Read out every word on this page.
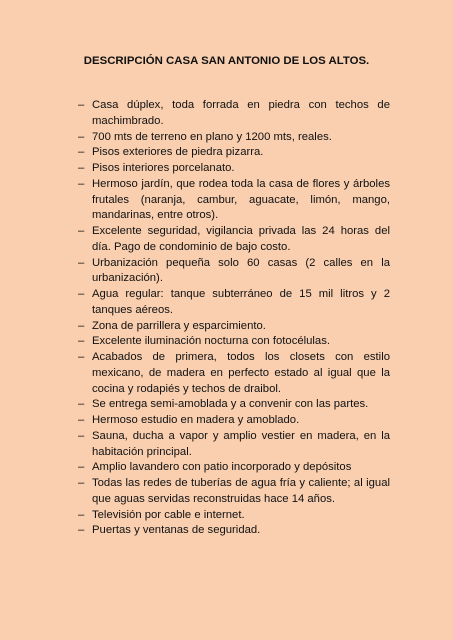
DESCRIPCIÓN CASA SAN ANTONIO DE LOS ALTOS.
– Casa dúplex, toda forrada en piedra con techos de machimbrado.
– 700 mts de terreno en plano y 1200 mts, reales.
– Pisos exteriores de piedra pizarra.
– Pisos interiores porcelanato.
– Hermoso jardín, que rodea toda la casa de flores y árboles frutales (naranja, cambur, aguacate, limón, mango, mandarinas, entre otros).
– Excelente seguridad, vigilancia privada las 24 horas del día. Pago de condominio de bajo costo.
– Urbanización pequeña solo 60 casas (2 calles en la urbanización).
– Agua regular: tanque subterráneo de 15 mil litros y 2 tanques aéreos.
– Zona de parrillera y esparcimiento.
– Excelente iluminación nocturna con fotocélulas.
– Acabados de primera, todos los closets con estilo mexicano, de madera en perfecto estado al igual que la cocina y rodapiés y techos de draibol.
– Se entrega semi-amoblada y a convenir con las partes.
– Hermoso estudio en madera y amoblado.
– Sauna, ducha a vapor y amplio vestier en madera, en la habitación principal.
– Amplio lavandero con patio incorporado y depósitos
– Todas las redes de tuberías de agua fría y caliente; al igual que aguas servidas reconstruidas hace 14 años.
– Televisión por cable e internet.
– Puertas y ventanas de seguridad.
